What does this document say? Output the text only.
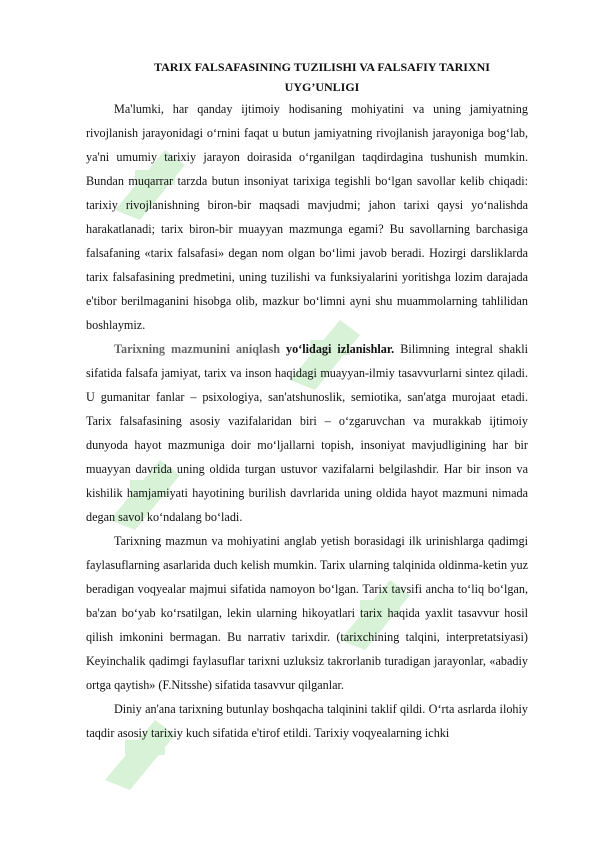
TARIX FALSAFASINING TUZILISHI VA FALSAFIY TARIXNI
UYG’UNLIGI

Ma'lumki, har qanday ijtimoiy hodisaning mohiyatini va uning jamiyatning rivojlanish jarayonidagi o‘rnini faqat u butun jamiyatning rivojlanish jarayoniga bog‘lab, ya'ni umumiy tarixiy jarayon doirasida o‘rganilgan taqdirdagina tushunish mumkin. Bundan muqarrar tarzda butun insoniyat tarixiga tegishli bo‘lgan savollar kelib chiqadi: tarixiy rivojlanishning biron-bir maqsadi mavjudmi; jahon tarixi qaysi yo‘nalishda harakatlanadi; tarix biron-bir muayyan mazmunga egami? Bu savollarning barchasiga falsafaning «tarix falsafasi» degan nom olgan bo‘limi javob beradi. Hozirgi darsliklarda tarix falsafasining predmetini, uning tuzilishi va funksiyalarini yoritishga lozim darajada e'tibor berilmaganini hisobga olib, mazkur bo‘limni ayni shu muammolarning tahlilidan boshlaymiz.

Tarixning mazmunini aniqlash yo‘lidagi izlanishlar. Bilimning integral shakli sifatida falsafa jamiyat, tarix va inson haqidagi muayyan-ilmiy tasavvurlarni sintez qiladi. U gumanitar fanlar – psixologiya, san'atshunoslik, semiotika, san'atga murojaat etadi. Tarix falsafasining asosiy vazifalaridan biri – o‘zgaruvchan va murakkab ijtimoiy dunyoda hayot mazmuniga doir mo‘ljallarni topish, insoniyat mavjudligining har bir muayyan davrida uning oldida turgan ustuvor vazifalarni belgilashdir. Har bir inson va kishilik hamjamiyati hayotining burilish davrlarida uning oldida hayot mazmuni nimada degan savol ko‘ndalang bo‘ladi.

Tarixning mazmun va mohiyatini anglab yetish borasidagi ilk urinishlarga qadimgi faylasuflarning asarlarida duch kelish mumkin. Tarix ularning talqinida oldinma-ketin yuz beradigan voqyealar majmui sifatida namoyon bo‘lgan. Tarix tavsifi ancha to‘liq bo‘lgan, ba'zan bo‘yab ko‘rsatilgan, lekin ularning hikoyatlari tarix haqida yaxlit tasavvur hosil qilish imkonini bermagan. Bu narrativ tarixdir. (tarixchining talqini, interpretatsiyasi) Keyinchalik qadimgi faylasuflar tarixni uzluksiz takrorlanib turadigan jarayonlar, «abadiy ortga qaytish» (F.Nitsshe) sifatida tasavvur qilganlar.

Diniy an'ana tarixning butunlay boshqacha talqinini taklif qildi. O‘rta asrlarda ilohiy taqdir asosiy tarixiy kuch sifatida e'tirof etildi. Tarixiy voqyealarning ichki
